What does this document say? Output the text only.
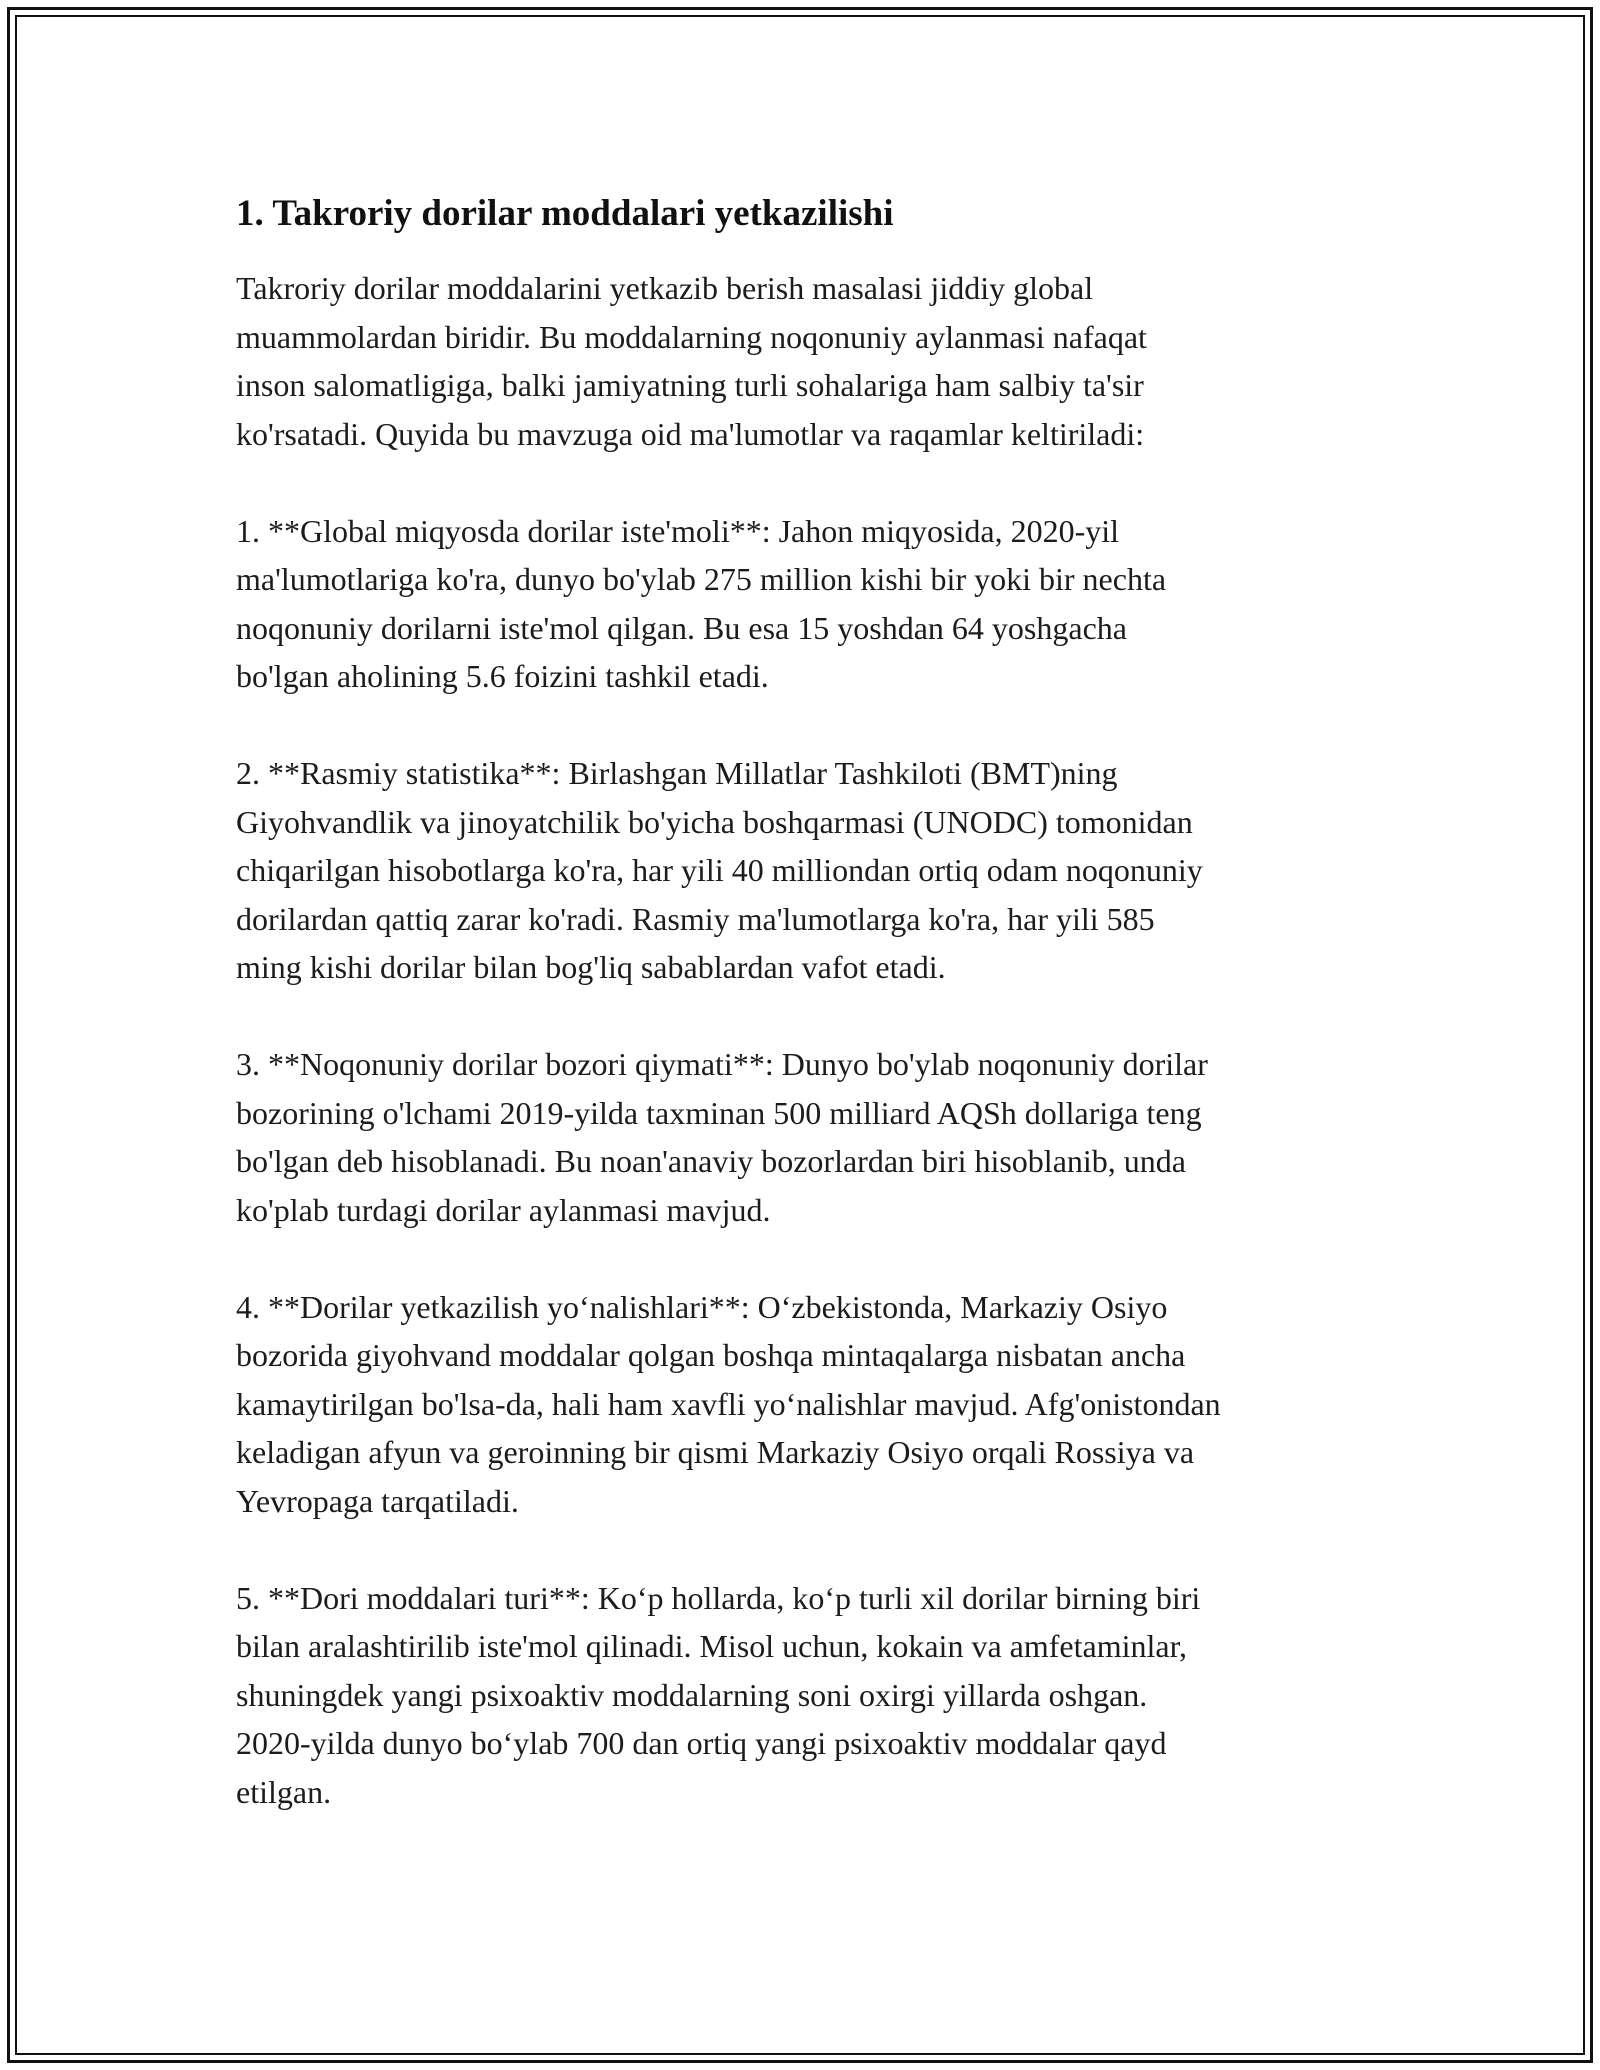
1. Takroriy dorilar moddalari yetkazilishi

Takroriy dorilar moddalarini yetkazib berish masalasi jiddiy global
muammolardan biridir. Bu moddalarning noqonuniy aylanmasi nafaqat
inson salomatligiga, balki jamiyatning turli sohalariga ham salbiy ta'sir
ko'rsatadi. Quyida bu mavzuga oid ma'lumotlar va raqamlar keltiriladi:

1. **Global miqyosda dorilar iste'moli**: Jahon miqyosida, 2020-yil
ma'lumotlariga ko'ra, dunyo bo'ylab 275 million kishi bir yoki bir nechta
noqonuniy dorilarni iste'mol qilgan. Bu esa 15 yoshdan 64 yoshgacha
bo'lgan aholining 5.6 foizini tashkil etadi.

2. **Rasmiy statistika**: Birlashgan Millatlar Tashkiloti (BMT)ning
Giyohvandlik va jinoyatchilik bo'yicha boshqarmasi (UNODC) tomonidan
chiqarilgan hisobotlarga ko'ra, har yili 40 milliondan ortiq odam noqonuniy
dorilardan qattiq zarar ko'radi. Rasmiy ma'lumotlarga ko'ra, har yili 585
ming kishi dorilar bilan bog'liq sabablardan vafot etadi.

3. **Noqonuniy dorilar bozori qiymati**: Dunyo bo'ylab noqonuniy dorilar
bozorining o'lchami 2019-yilda taxminan 500 milliard AQSh dollariga teng
bo'lgan deb hisoblanadi. Bu noan'anaviy bozorlardan biri hisoblanib, unda
ko'plab turdagi dorilar aylanmasi mavjud.

4. **Dorilar yetkazilish yo‘nalishlari**: O‘zbekistonda, Markaziy Osiyo
bozorida giyohvand moddalar qolgan boshqa mintaqalarga nisbatan ancha
kamaytirilgan bo'lsa-da, hali ham xavfli yo‘nalishlar mavjud. Afg'onistondan
keladigan afyun va geroinning bir qismi Markaziy Osiyo orqali Rossiya va
Yevropaga tarqatiladi.

5. **Dori moddalari turi**: Ko‘p hollarda, ko‘p turli xil dorilar birning biri
bilan aralashtirilib iste'mol qilinadi. Misol uchun, kokain va amfetaminlar,
shuningdek yangi psixoaktiv moddalarning soni oxirgi yillarda oshgan.
2020-yilda dunyo bo‘ylab 700 dan ortiq yangi psixoaktiv moddalar qayd
etilgan.
